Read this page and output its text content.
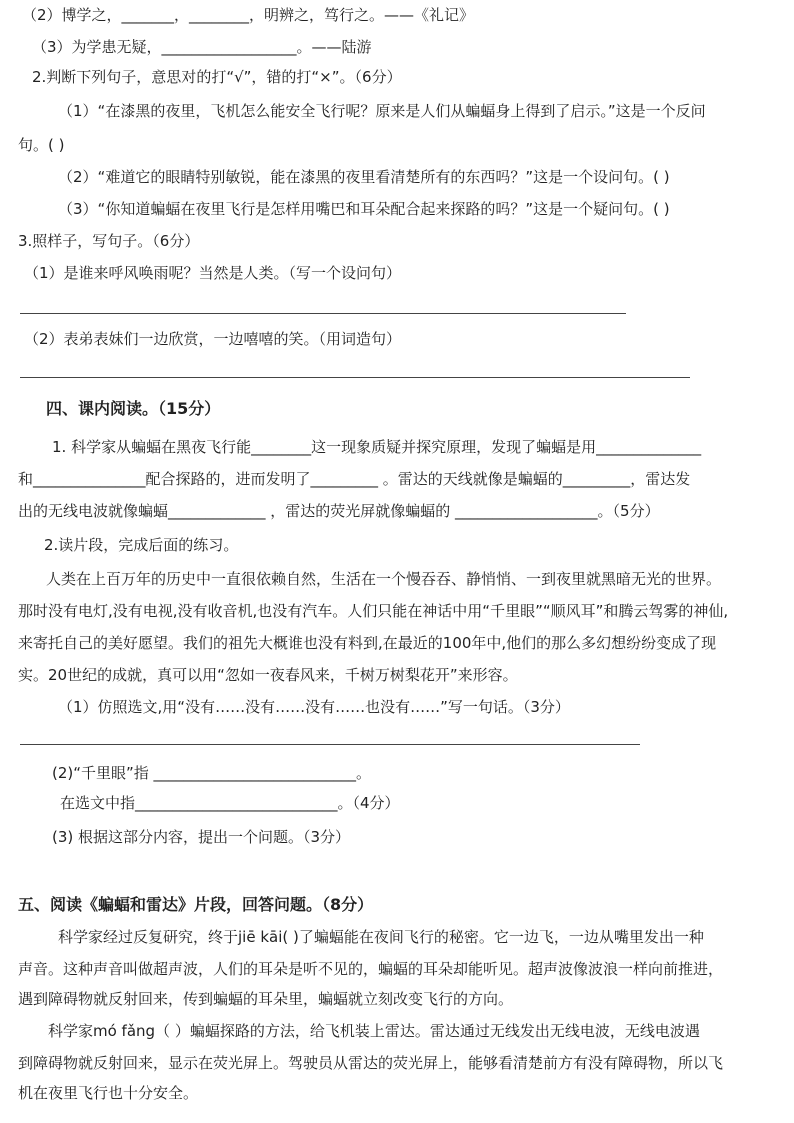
（2）博学之，_______，________，明辨之，笃行之。——《礼记》
（3）为学患无疑，__________________。——陆游
2.判断下列句子，意思对的打“√”，错的打“×”。（6分）
（1）“在漆黑的夜里，飞机怎么能安全飞行呢？原来是人们从蝙蝠身上得到了启示。”这是一个反问
句。( )
（2）“难道它的眼睛特别敏锐，能在漆黑的夜里看清楚所有的东西吗？”这是一个设问句。( )
（3）“你知道蝙蝠在夜里飞行是怎样用嘴巴和耳朵配合起来探路的吗？”这是一个疑问句。( )
3.照样子，写句子。（6分）
（1）是谁来呼风唤雨呢？当然是人类。（写一个设问句）
（2）表弟表妹们一边欣赏，一边嘻嘻的笑。（用词造句）
四、课内阅读。（15分）
1. 科学家从蝙蝠在黑夜飞行能________这一现象质疑并探究原理，发现了蝙蝠是用______________
和_______________配合探路的，进而发明了_________ 。雷达的天线就像是蝙蝠的_________，雷达发
出的无线电波就像蝙蝠_____________ ，雷达的荧光屏就像蝙蝠的 ___________________。（5分）
2.读片段，完成后面的练习。
人类在上百万年的历史中一直很依赖自然，生活在一个慢吞吞、静悄悄、一到夜里就黑暗无光的世界。
那时没有电灯,没有电视,没有收音机,也没有汽车。人们只能在神话中用“千里眼”“顺风耳”和腾云驾雾的神仙,
来寄托自己的美好愿望。我们的祖先大概谁也没有料到,在最近的100年中,他们的那么多幻想纷纷变成了现
实。20世纪的成就，真可以用“忽如一夜春风来，千树万树梨花开”来形容。
（1）仿照选文,用“没有……没有……没有……也没有……”写一句话。（3分）
(2)“千里眼”指 ___________________________。
在选文中指___________________________。（4分）
(3) 根据这部分内容，提出一个问题。（3分）
五、阅读《蝙蝠和雷达》片段，回答问题。（8分）
科学家经过反复研究，终于jiē kāi( )了蝙蝠能在夜间飞行的秘密。它一边飞，一边从嘴里发出一种
声音。这种声音叫做超声波，人们的耳朵是听不见的，蝙蝠的耳朵却能听见。超声波像波浪一样向前推进，
遇到障碍物就反射回来，传到蝙蝠的耳朵里，蝙蝠就立刻改变飞行的方向。
科学家mó fǎng（ ）蝙蝠探路的方法，给飞机装上雷达。雷达通过无线发出无线电波，无线电波遇
到障碍物就反射回来，显示在荧光屏上。驾驶员从雷达的荧光屏上，能够看清楚前方有没有障碍物，所以飞
机在夜里飞行也十分安全。
